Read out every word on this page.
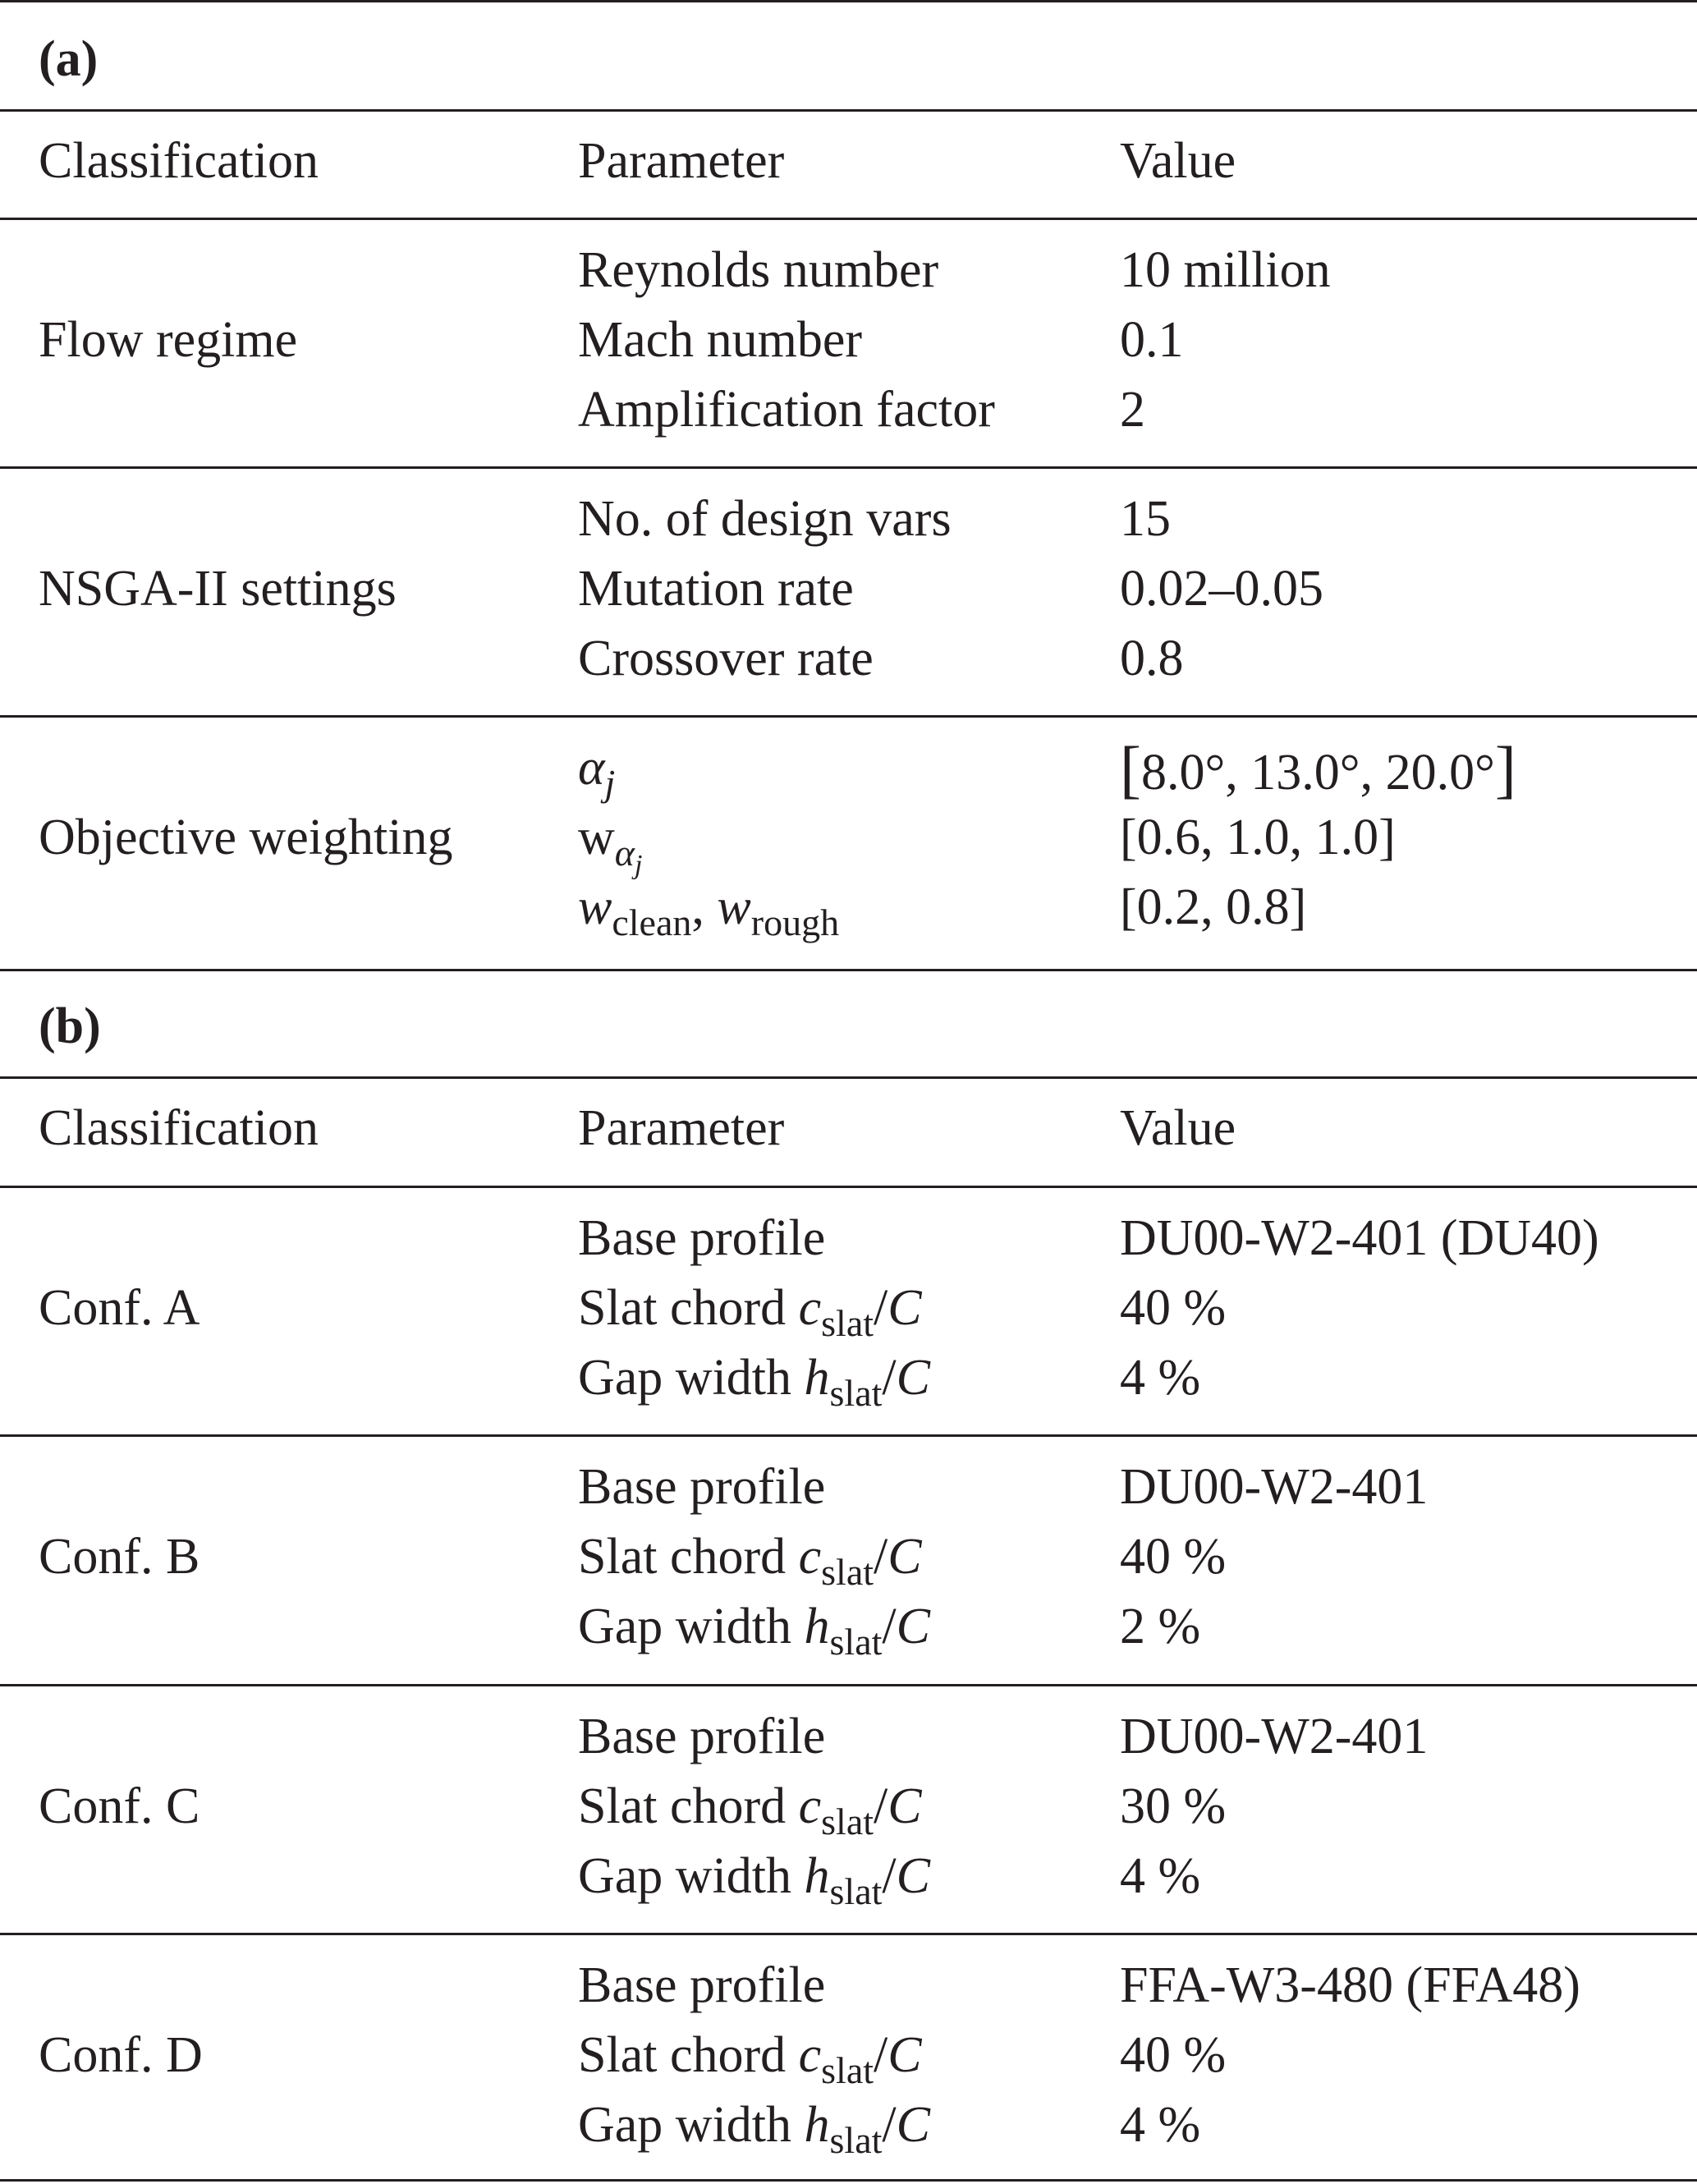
(a)
Classification	Parameter	Value
Flow regime
Reynolds number	10 million
Mach number	0.1
Amplification factor 2
NSGA-II settings
No. of design vars	15
Mutation rate	0.02–0.05
Crossover rate	0.8
Objective weighting
$\alpha_j$	[8.0°, 13.0°, 20.0°]
$w_{\alpha_j}$	[0.6, 1.0, 1.0]
$w_{clean}$, $w_{rough}$	[0.2, 0.8]
(b)
Classification	Parameter	Value
Conf. A
Base profile	DU00-W2-401 (DU40)
Slat chord $c_{slat}/C$	40 %
Gap width $h_{slat}/C$	4 %
Conf. B
Base profile	DU00-W2-401
Slat chord $c_{slat}/C$	40 %
Gap width $h_{slat}/C$	2 %
Conf. C
Base profile	DU00-W2-401
Slat chord $c_{slat}/C$	30 %
Gap width $h_{slat}/C$	4 %
Conf. D
Base profile	FFA-W3-480 (FFA48)
Slat chord $c_{slat}/C$	40 %
Gap width $h_{slat}/C$	4 %
